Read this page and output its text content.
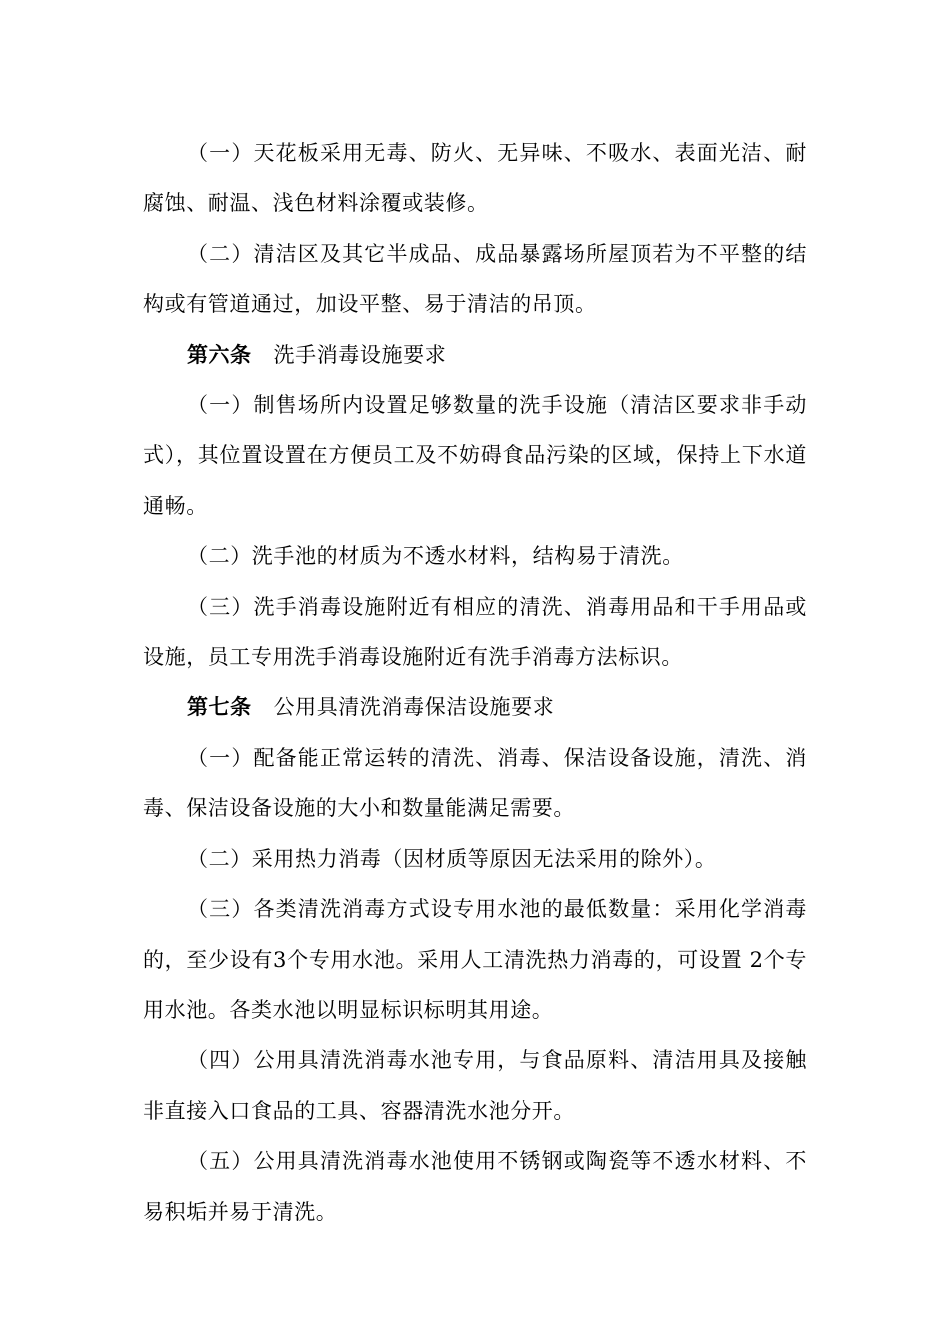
（一）天花板采用无毒、防火、无异味、不吸水、表面光洁、耐腐蚀、耐温、浅色材料涂覆或装修。

（二）清洁区及其它半成品、成品暴露场所屋顶若为不平整的结构或有管道通过，加设平整、易于清洁的吊顶。

第六条 洗手消毒设施要求

（一）制售场所内设置足够数量的洗手设施（清洁区要求非手动式），其位置设置在方便员工及不妨碍食品污染的区域，保持上下水道通畅。

（二）洗手池的材质为不透水材料，结构易于清洗。

（三）洗手消毒设施附近有相应的清洗、消毒用品和干手用品或设施，员工专用洗手消毒设施附近有洗手消毒方法标识。

第七条 公用具清洗消毒保洁设施要求

（一）配备能正常运转的清洗、消毒、保洁设备设施，清洗、消毒、保洁设备设施的大小和数量能满足需要。

（二）采用热力消毒（因材质等原因无法采用的除外）。

（三）各类清洗消毒方式设专用水池的最低数量：采用化学消毒的，至少设有3个专用水池。采用人工清洗热力消毒的，可设置 2个专用水池。各类水池以明显标识标明其用途。

（四）公用具清洗消毒水池专用，与食品原料、清洁用具及接触非直接入口食品的工具、容器清洗水池分开。

（五）公用具清洗消毒水池使用不锈钢或陶瓷等不透水材料、不易积垢并易于清洗。
